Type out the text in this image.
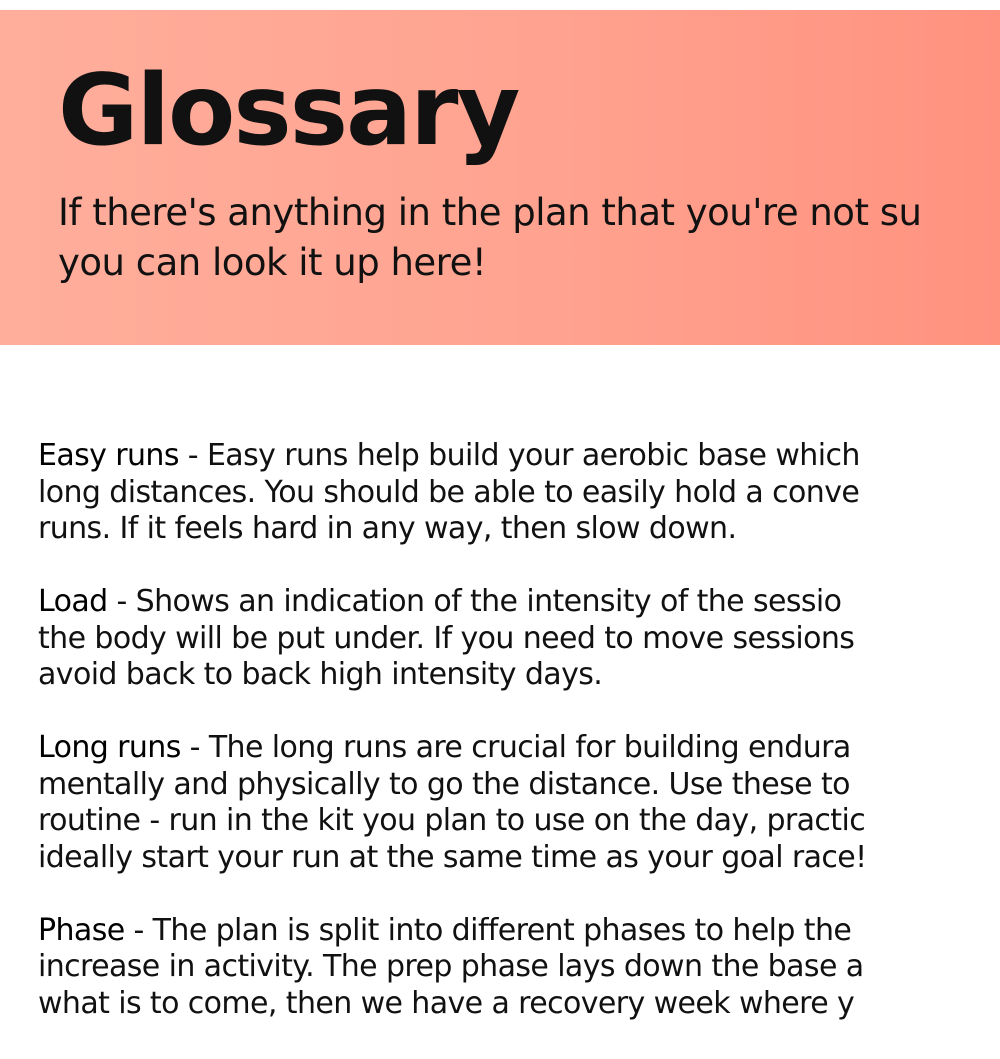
Glossary
If there's anything in the plan that you're not su
you can look it up here!
Easy runs - Easy runs help build your aerobic base which
long distances. You should be able to easily hold a conve
runs. If it feels hard in any way, then slow down.
Load - Shows an indication of the intensity of the sessio
the body will be put under. If you need to move sessions
avoid back to back high intensity days.
Long runs - The long runs are crucial for building endura
mentally and physically to go the distance. Use these to
routine - run in the kit you plan to use on the day, practic
ideally start your run at the same time as your goal race!
Phase - The plan is split into different phases to help the
increase in activity. The prep phase lays down the base a
what is to come, then we have a recovery week where y
